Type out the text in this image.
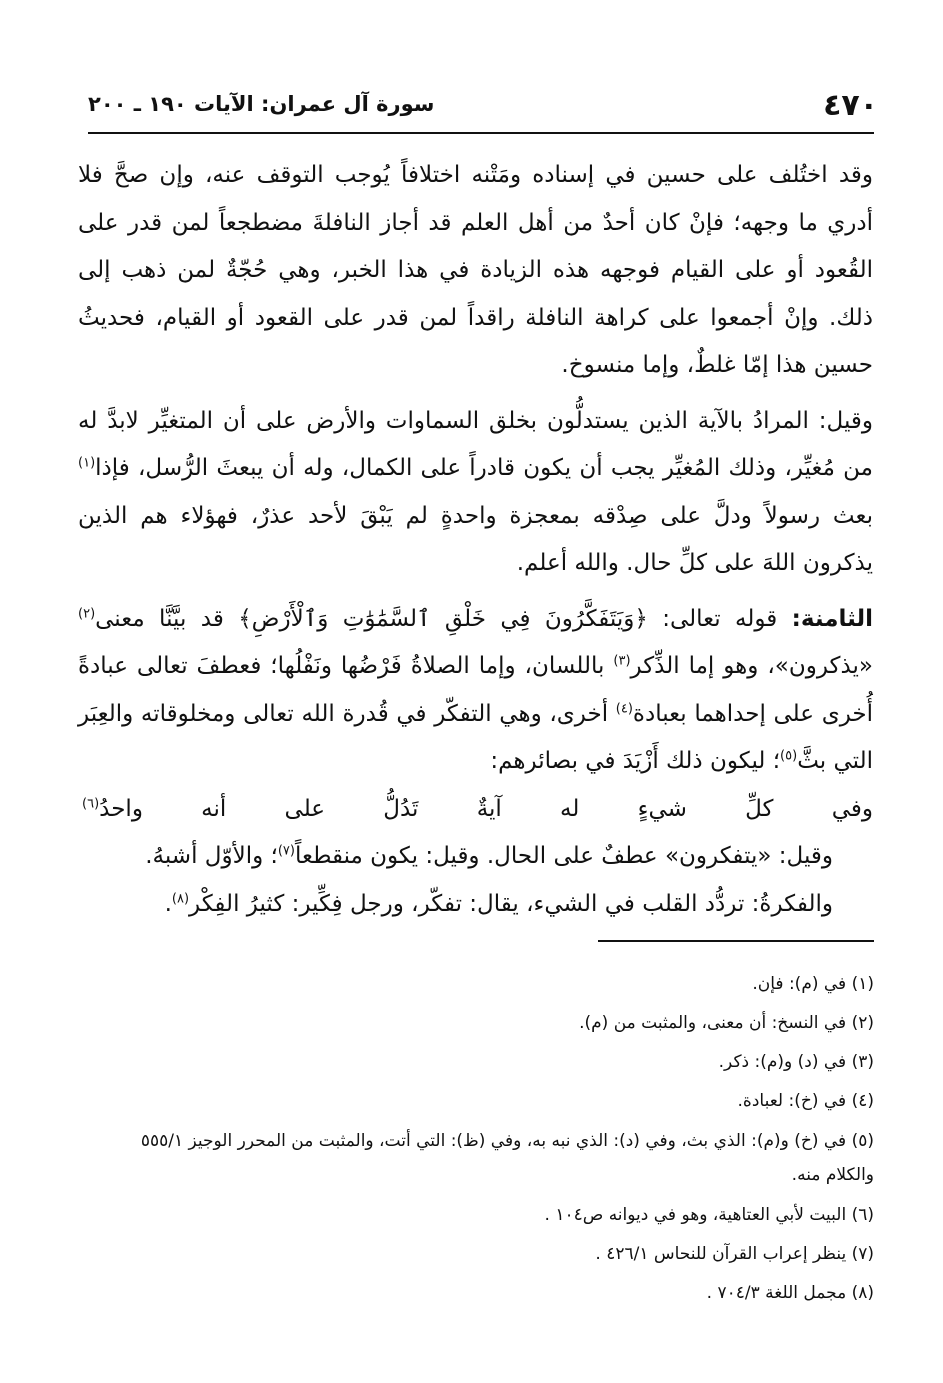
٤٧٠
سورة آل عمران: الآيات ١٩٠ ـ ٢٠٠

وقد اختُلف على حسين في إسناده ومَتْنه اختلافاً يُوجب التوقف عنه، وإن صحَّ فلا أدري ما وجهه؛ فإنْ كان أحدٌ من أهل العلم قد أجاز النافلةَ مضطجعاً لمن قدر على القُعود أو على القيام فوجهه هذه الزيادة في هذا الخبر، وهي حُجّةٌ لمن ذهب إلى ذلك. وإنْ أجمعوا على كراهة النافلة راقداً لمن قدر على القعود أو القيام، فحديثُ حسين هذا إمّا غلطٌ، وإما منسوخ.

وقيل: المرادُ بالآية الذين يستدلُّون بخلق السماوات والأرض على أن المتغيِّر لابدَّ له من مُغيِّر، وذلك المُغيِّر يجب أن يكون قادراً على الكمال، وله أن يبعثَ الرُّسل، فإذا$^{(١)}$ بعث رسولاً ودلَّ على صِدْقه بمعجزة واحدةٍ لم يَبْقَ لأحد عذرٌ، فهؤلاء هم الذين يذكرون اللهَ على كلِّ حال. والله أعلم.

الثامنة: قوله تعالى: ﴿وَيَتَفَكَّرُونَ فِي خَلْقِ ٱلسَّمَٰوَٰتِ وَٱلْأَرْضِ﴾ قد بيَّنَّا معنى$^{(٢)}$ «يذكرون»، وهو إما الذِّكر$^{(٣)}$ باللسان، وإما الصلاةُ فَرْضُها ونَفْلُها؛ فعطفَ تعالى عبادةً أُخرى على إحداهما بعبادة$^{(٤)}$ أخرى، وهي التفكّر في قُدرة الله تعالى ومخلوقاته والعِبَر التي بثَّ$^{(٥)}$؛ ليكون ذلك أَزْيَدَ في بصائرهم:

وفي كلِّ شيءٍ له آيةٌ تَدُلُّ على أنه واحدُ$^{(٦)}$

وقيل: «يتفكرون» عطفٌ على الحال. وقيل: يكون منقطعاً$^{(٧)}$؛ والأوّل أشبهُ.

والفكرةُ: تردُّد القلب في الشيء، يقال: تفكّر، ورجل فِكِّير: كثيرُ الفِكْر$^{(٨)}$.

(١) في (م): فإن.

(٢) في النسخ: أن معنى، والمثبت من (م).

(٣) في (د) و(م): ذكر.

(٤) في (خ): لعبادة.

(٥) في (خ) و(م): الذي بث، وفي (د): الذي نبه به، وفي (ظ): التي أتت، والمثبت من المحرر الوجيز ٥٥٥/١ والكلام منه.

(٦) البيت لأبي العتاهية، وهو في ديوانه ص١٠٤ .

(٧) ينظر إعراب القرآن للنحاس ٤٢٦/١ .

(٨) مجمل اللغة ٧٠٤/٣ .
